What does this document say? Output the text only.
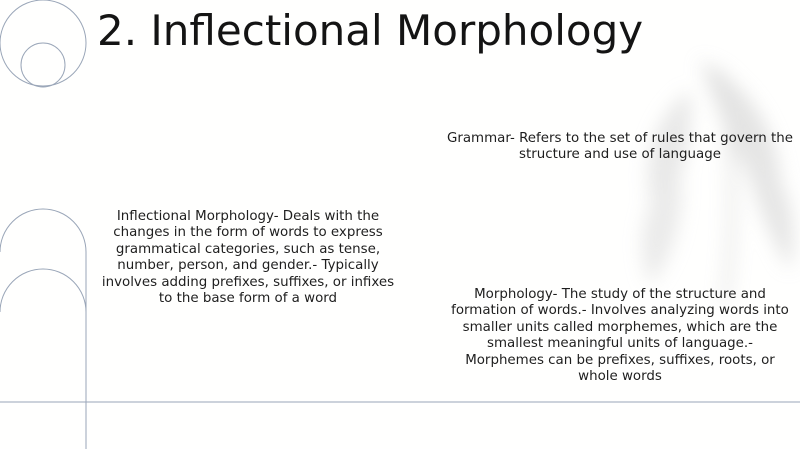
2. Inflectional Morphology

Grammar- Refers to the set of rules that govern the structure and use of language

Inflectional Morphology- Deals with the changes in the form of words to express grammatical categories, such as tense, number, person, and gender.- Typically involves adding prefixes, suffixes, or infixes to the base form of a word	Morphology- The study of the structure and formation of words.- Involves analyzing words into smaller units called morphemes, which are the smallest meaningful units of language.- Morphemes can be prefixes, suffixes, roots, or whole words
